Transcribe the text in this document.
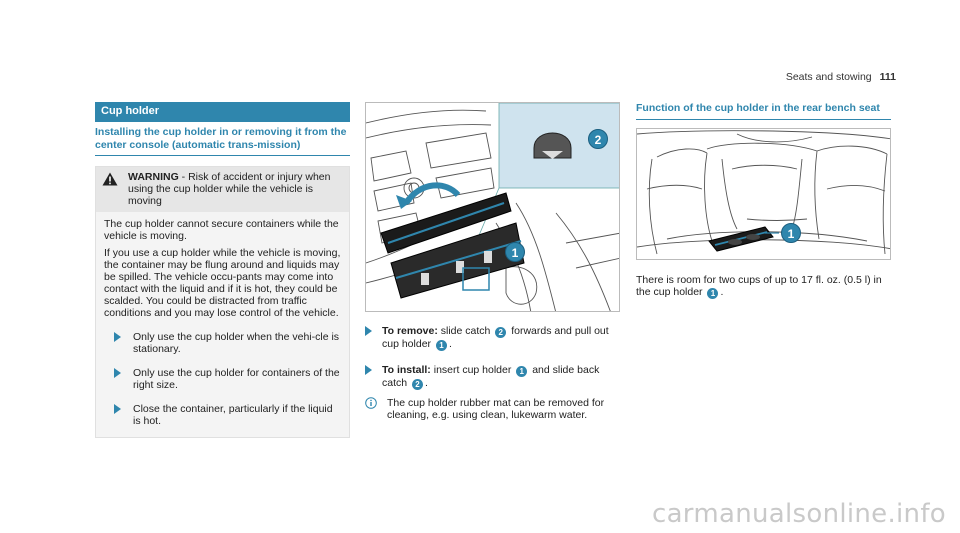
Seats and stowing 111
Cup holder
Installing the cup holder in or removing it from the center console (automatic trans-mission)
WARNING - Risk of accident or injury when using the cup holder while the vehicle is moving

The cup holder cannot secure containers while the vehicle is moving.

If you use a cup holder while the vehicle is moving, the container may be flung around and liquids may be spilled. The vehicle occu-pants may come into contact with the liquid and if it is hot, they could be scalded. You could be distracted from traffic conditions and you may lose control of the vehicle.

Only use the cup holder when the vehi-cle is stationary.
Only use the cup holder for containers of the right size.
Close the container, particularly if the liquid is hot.
2
1
To remove: slide catch 2 forwards and pull out cup holder 1 .
To install: insert cup holder 1 and slide back catch 2 .
The cup holder rubber mat can be removed for cleaning, e.g. using clean, lukewarm water.
Function of the cup holder in the rear bench seat
1
There is room for two cups of up to 17 fl. oz. (0.5 l) in the cup holder 1 .
carmanualsonline.info
